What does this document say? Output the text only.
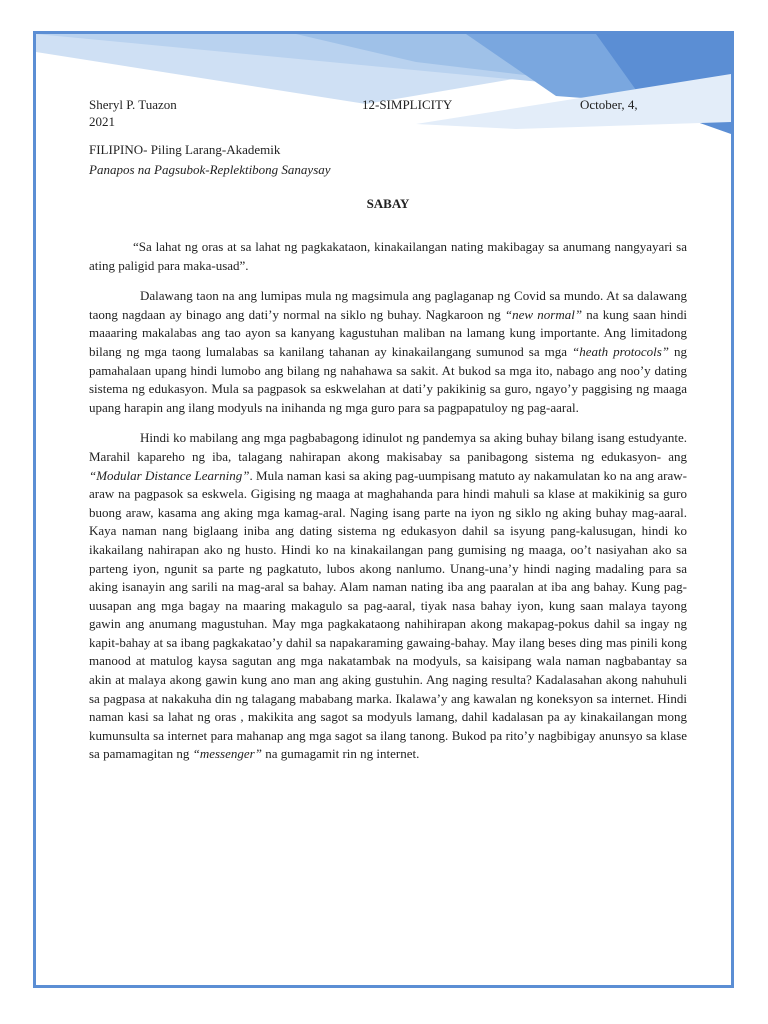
Sheryl P. Tuazon	12-SIMPLICITY	October, 4,
2021
FILIPINO- Piling Larang-Akademik
Panapos na Pagsubok-Replektibong Sanaysay
SABAY

“Sa lahat ng oras at sa lahat ng pagkakataon, kinakailangan nating makibagay sa anumang nangyayari sa ating paligid para maka-usad”.

Dalawang taon na ang lumipas mula ng magsimula ang paglaganap ng Covid sa mundo. At sa dalawang taong nagdaan ay binago ang dati’y normal na siklo ng buhay. Nagkaroon ng “new normal” na kung saan hindi maaaring makalabas ang tao ayon sa kanyang kagustuhan maliban na lamang kung importante. Ang limitadong bilang ng mga taong lumalabas sa kanilang tahanan ay kinakailangang sumunod sa mga “heath protocols” ng pamahalaan upang hindi lumobo ang bilang ng nahahawa sa sakit. At bukod sa mga ito, nabago ang noo’y dating sistema ng edukasyon. Mula sa pagpasok sa eskwelahan at dati’y pakikinig sa guro, ngayo’y paggising ng maaga upang harapin ang ilang modyuls na inihanda ng mga guro para sa pagpapatuloy ng pag-aaral.

Hindi ko mabilang ang mga pagbabagong idinulot ng pandemya sa aking buhay bilang isang estudyante. Marahil kapareho ng iba, talagang nahirapan akong makisabay sa panibagong sistema ng edukasyon- ang “Modular Distance Learning”. Mula naman kasi sa aking pag-uumpisang matuto ay nakamulatan ko na ang araw-araw na pagpasok sa eskwela. Gigising ng maaga at maghahanda para hindi mahuli sa klase at makikinig sa guro buong araw, kasama ang aking mga kamag-aral. Naging isang parte na iyon ng siklo ng aking buhay mag-aaral. Kaya naman nang biglaang iniba ang dating sistema ng edukasyon dahil sa isyung pang-kalusugan, hindi ko ikakailang nahirapan ako ng husto. Hindi ko na kinakailangan pang gumising ng maaga, oo’t nasiyahan ako sa parteng iyon, ngunit sa parte ng pagkatuto, lubos akong nanlumo. Unang-una’y hindi naging madaling para sa aking isanayin ang sarili na mag-aral sa bahay. Alam naman nating iba ang paaralan at iba ang bahay. Kung pag-uusapan ang mga bagay na maaring makagulo sa pag-aaral, tiyak nasa bahay iyon, kung saan malaya tayong gawin ang anumang magustuhan. May mga pagkakataong nahihirapan akong makapag-pokus dahil sa ingay ng kapit-bahay at sa ibang pagkakatao’y dahil sa napakaraming gawaing-bahay. May ilang beses ding mas pinili kong manood at matulog kaysa sagutan ang mga nakatambak na modyuls, sa kaisipang wala naman nagbabantay sa akin at malaya akong gawin kung ano man ang aking gustuhin. Ang naging resulta? Kadalasahan akong nahuhuli sa pagpasa at nakakuha din ng talagang mababang marka. Ikalawa’y ang kawalan ng koneksyon sa internet. Hindi naman kasi sa lahat ng oras , makikita ang sagot sa modyuls lamang, dahil kadalasan pa ay kinakailangan mong kumunsulta sa internet para mahanap ang mga sagot sa ilang tanong. Bukod pa rito’y nagbibigay anunsyo sa klase sa pamamagitan ng “messenger” na gumagamit rin ng internet.
